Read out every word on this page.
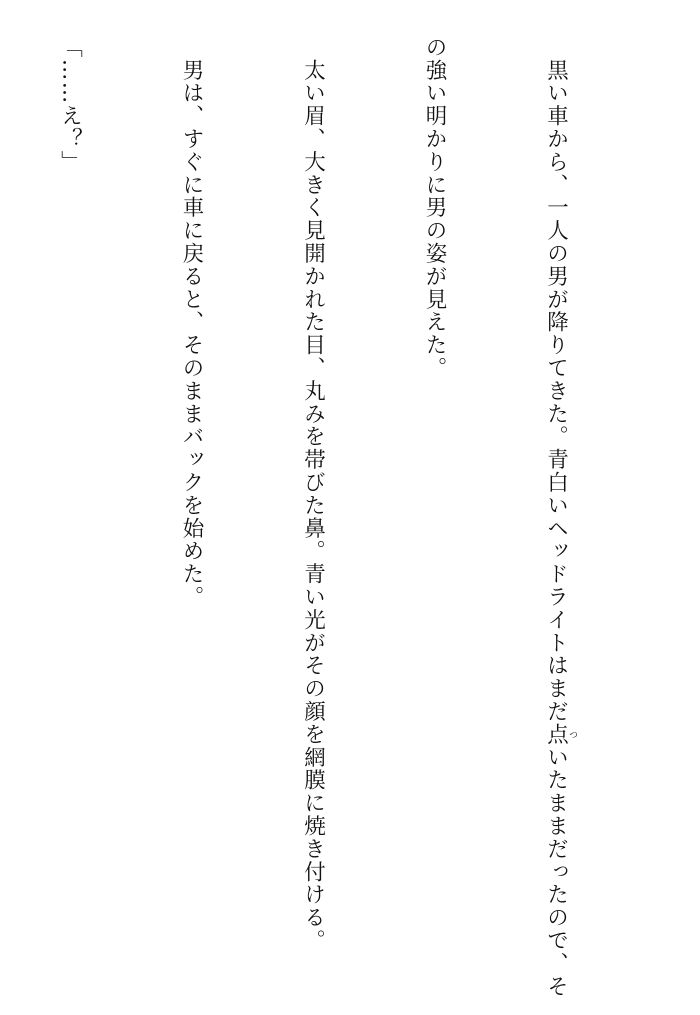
　黒い車から、一人の男が降りてきた。青白いヘッドライトはまだ点ついたままだったので、そ

の強い明かりに男の姿が見えた。

　太い眉、大きく見開かれた目、丸みを帯びた鼻。青い光がその顔を網膜に焼き付ける。

　男は、すぐに車に戻ると、そのままバックを始めた。

「……え？」
